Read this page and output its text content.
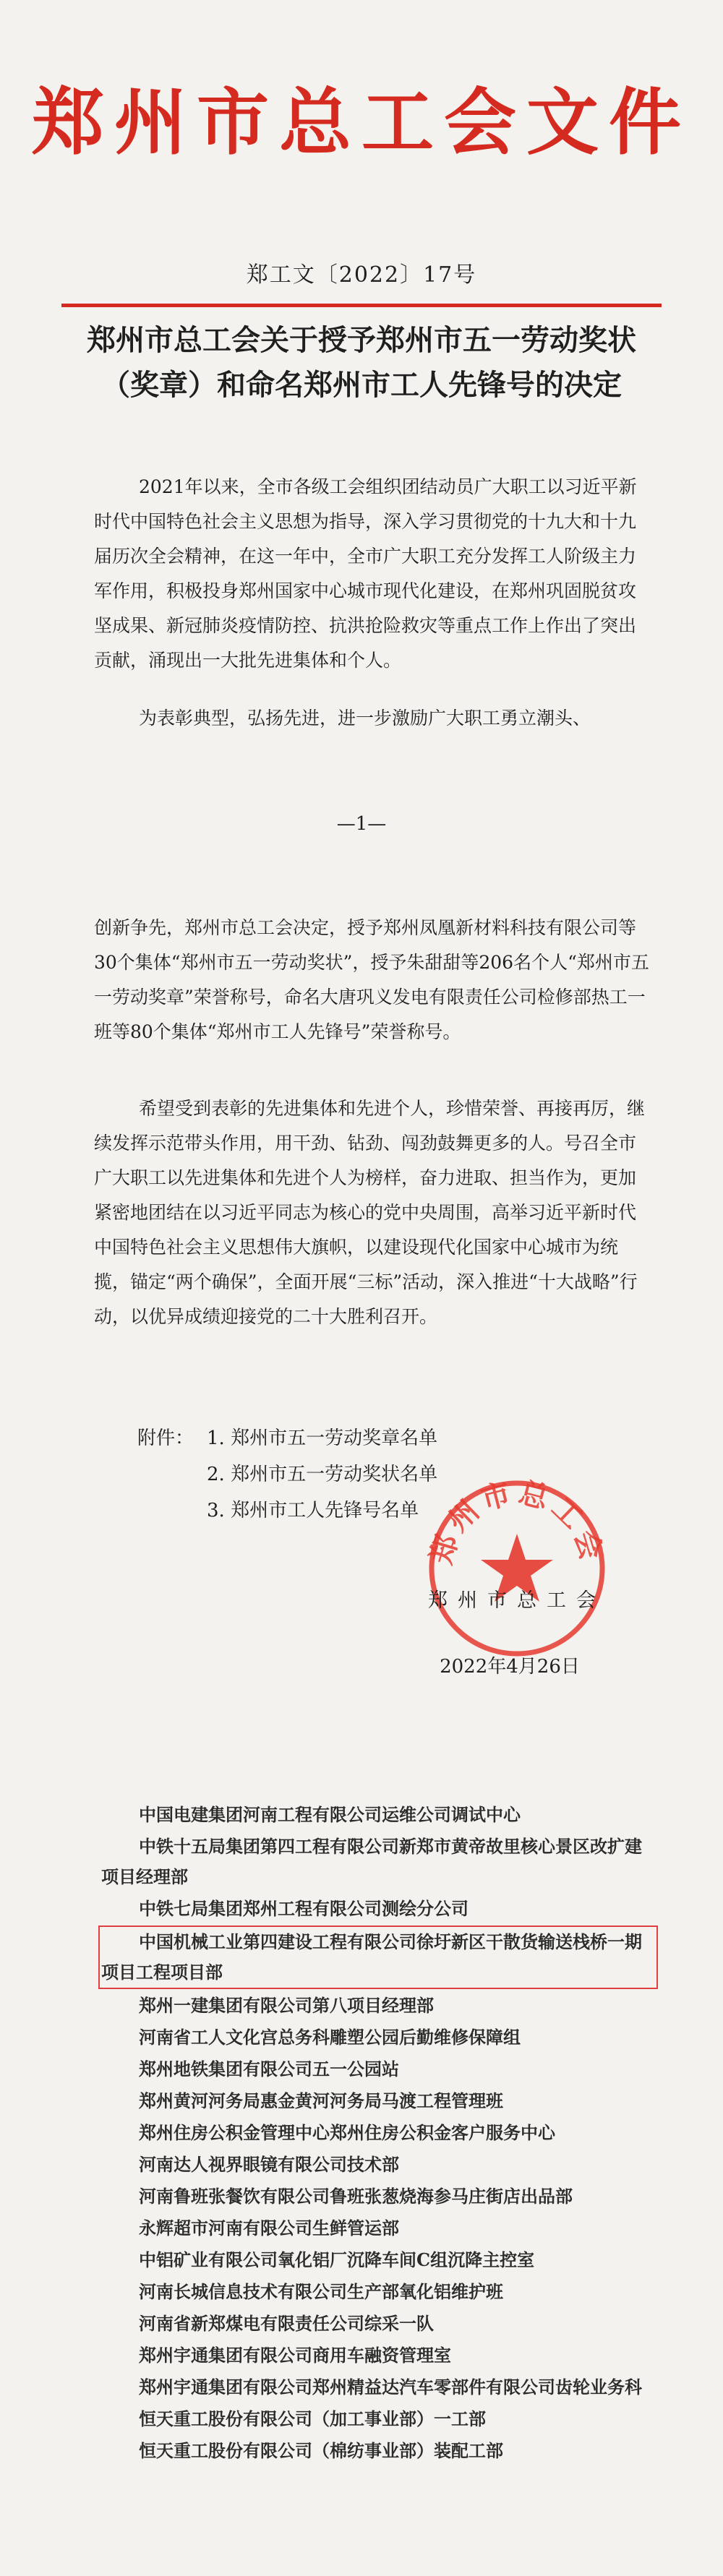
郑州市总工会文件
郑工文〔2022〕17号
郑州市总工会关于授予郑州市五一劳动奖状（奖章）和命名郑州市工人先锋号的决定

2021年以来，全市各级工会组织团结动员广大职工以习近平新时代中国特色社会主义思想为指导，深入学习贯彻党的十九大和十九届历次全会精神，在这一年中，全市广大职工充分发挥工人阶级主力军作用，积极投身郑州国家中心城市现代化建设，在郑州巩固脱贫攻坚成果、新冠肺炎疫情防控、抗洪抢险救灾等重点工作上作出了突出贡献，涌现出一大批先进集体和个人。

为表彰典型，弘扬先进，进一步激励广大职工勇立潮头、

—1—

创新争先，郑州市总工会决定，授予郑州凤凰新材料科技有限公司等30个集体“郑州市五一劳动奖状”，授予朱甜甜等206名个人“郑州市五一劳动奖章”荣誉称号，命名大唐巩义发电有限责任公司检修部热工一班等80个集体“郑州市工人先锋号”荣誉称号。

希望受到表彰的先进集体和先进个人，珍惜荣誉、再接再厉，继续发挥示范带头作用，用干劲、钻劲、闯劲鼓舞更多的人。号召全市广大职工以先进集体和先进个人为榜样，奋力进取、担当作为，更加紧密地团结在以习近平同志为核心的党中央周围，高举习近平新时代中国特色社会主义思想伟大旗帜，以建设现代化国家中心城市为统揽，锚定“两个确保”，全面开展“三标”活动，深入推进“十大战略”行动，以优异成绩迎接党的二十大胜利召开。

附件： 1. 郑州市五一劳动奖章名单
2. 郑州市五一劳动奖状名单
3. 郑州市工人先锋号名单
郑州市总工会
郑州市总工会
2022年4月26日
中国电建集团河南工程有限公司运维公司调试中心
中铁十五局集团第四工程有限公司新郑市黄帝故里核心景区改扩建项目经理部
中铁七局集团郑州工程有限公司测绘分公司
中国机械工业第四建设工程有限公司徐圩新区干散货输送栈桥一期项目工程项目部
郑州一建集团有限公司第八项目经理部
河南省工人文化宫总务科雕塑公园后勤维修保障组
郑州地铁集团有限公司五一公园站
郑州黄河河务局惠金黄河河务局马渡工程管理班
郑州住房公积金管理中心郑州住房公积金客户服务中心
河南达人视界眼镜有限公司技术部
河南鲁班张餐饮有限公司鲁班张葱烧海参马庄街店出品部
永辉超市河南有限公司生鲜管运部
中铝矿业有限公司氧化铝厂沉降车间C组沉降主控室
河南长城信息技术有限公司生产部氧化铝维护班
河南省新郑煤电有限责任公司综采一队
郑州宇通集团有限公司商用车融资管理室
郑州宇通集团有限公司郑州精益达汽车零部件有限公司齿轮业务科
恒天重工股份有限公司（加工事业部）一工部
恒天重工股份有限公司（棉纺事业部）装配工部
